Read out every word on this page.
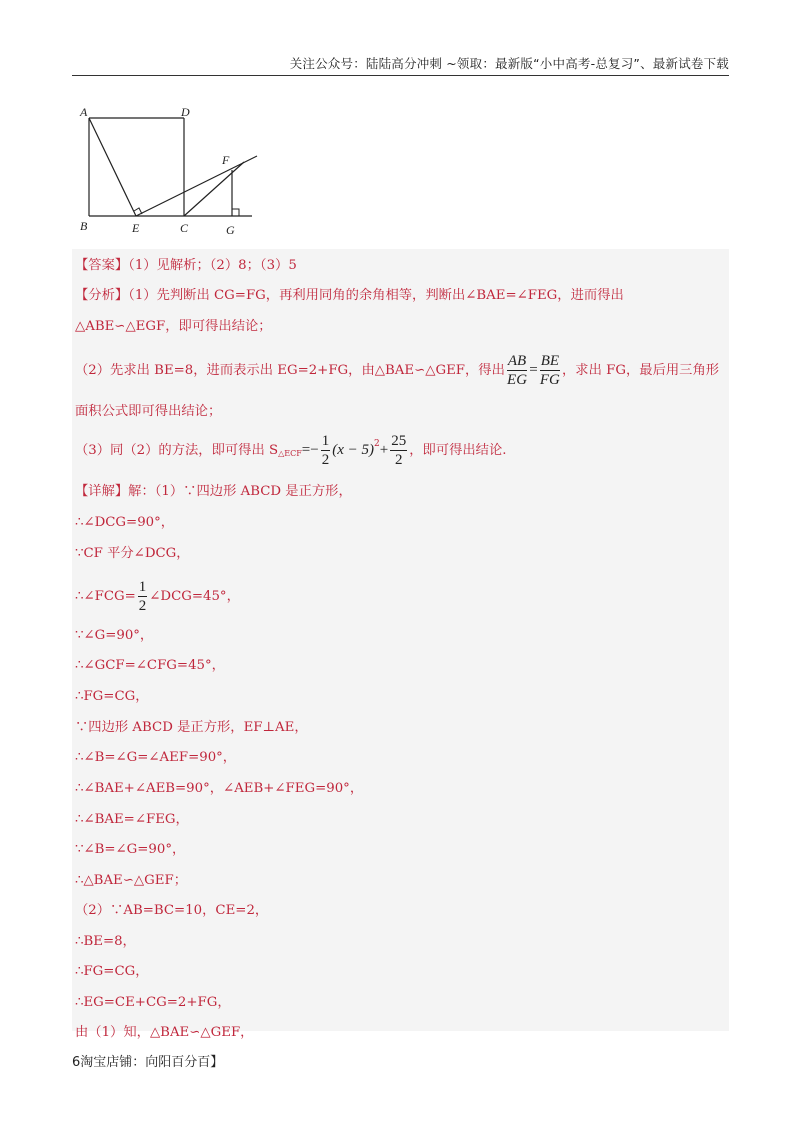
关注公众号：陆陆高分冲刺 ~领取：最新版“小中高考-总复习”、最新试卷下载
A	D
F
B	E	C	G
【答案】（1）见解析；（2）8；（3）5
【分析】（1）先判断出 CG=FG，再利用同角的余角相等，判断出∠BAE=∠FEG，进而得出
△ABE∽△EGF，即可得出结论；
（2）先求出 BE=8，进而表示出 EG=2+FG，由△BAE∽△GEF，得出 $\frac{AB}{EG} = \frac{BE}{FG}$ ，求出 FG，最后用三角形
面积公式即可得出结论；
（3）同（2）的方法，即可得出 $S_{\triangle ECF}=- \frac{1}{2} (x - 5)^2+ \frac{25}{2}$ ，即可得出结论.
【详解】解：（1）∵四边形 ABCD 是正方形，
∴∠DCG=90°，
∵CF 平分∠DCG，
∴∠FCG= $\frac{1}{2}$ ∠DCG=45°，
∵∠G=90°，
∴∠GCF=∠CFG=45°，
∴FG=CG，
∵四边形 ABCD 是正方形，EF⊥AE，
∴∠B=∠G=∠AEF=90°，
∴∠BAE+∠AEB=90°，∠AEB+∠FEG=90°，
∴∠BAE=∠FEG，
∵∠B=∠G=90°，
∴△BAE∽△GEF；
（2）∵AB=BC=10，CE=2，
∴BE=8，
∴FG=CG，
∴EG=CE+CG=2+FG，
由（1）知，△BAE∽△GEF，
6淘宝店铺：向阳百分百】
